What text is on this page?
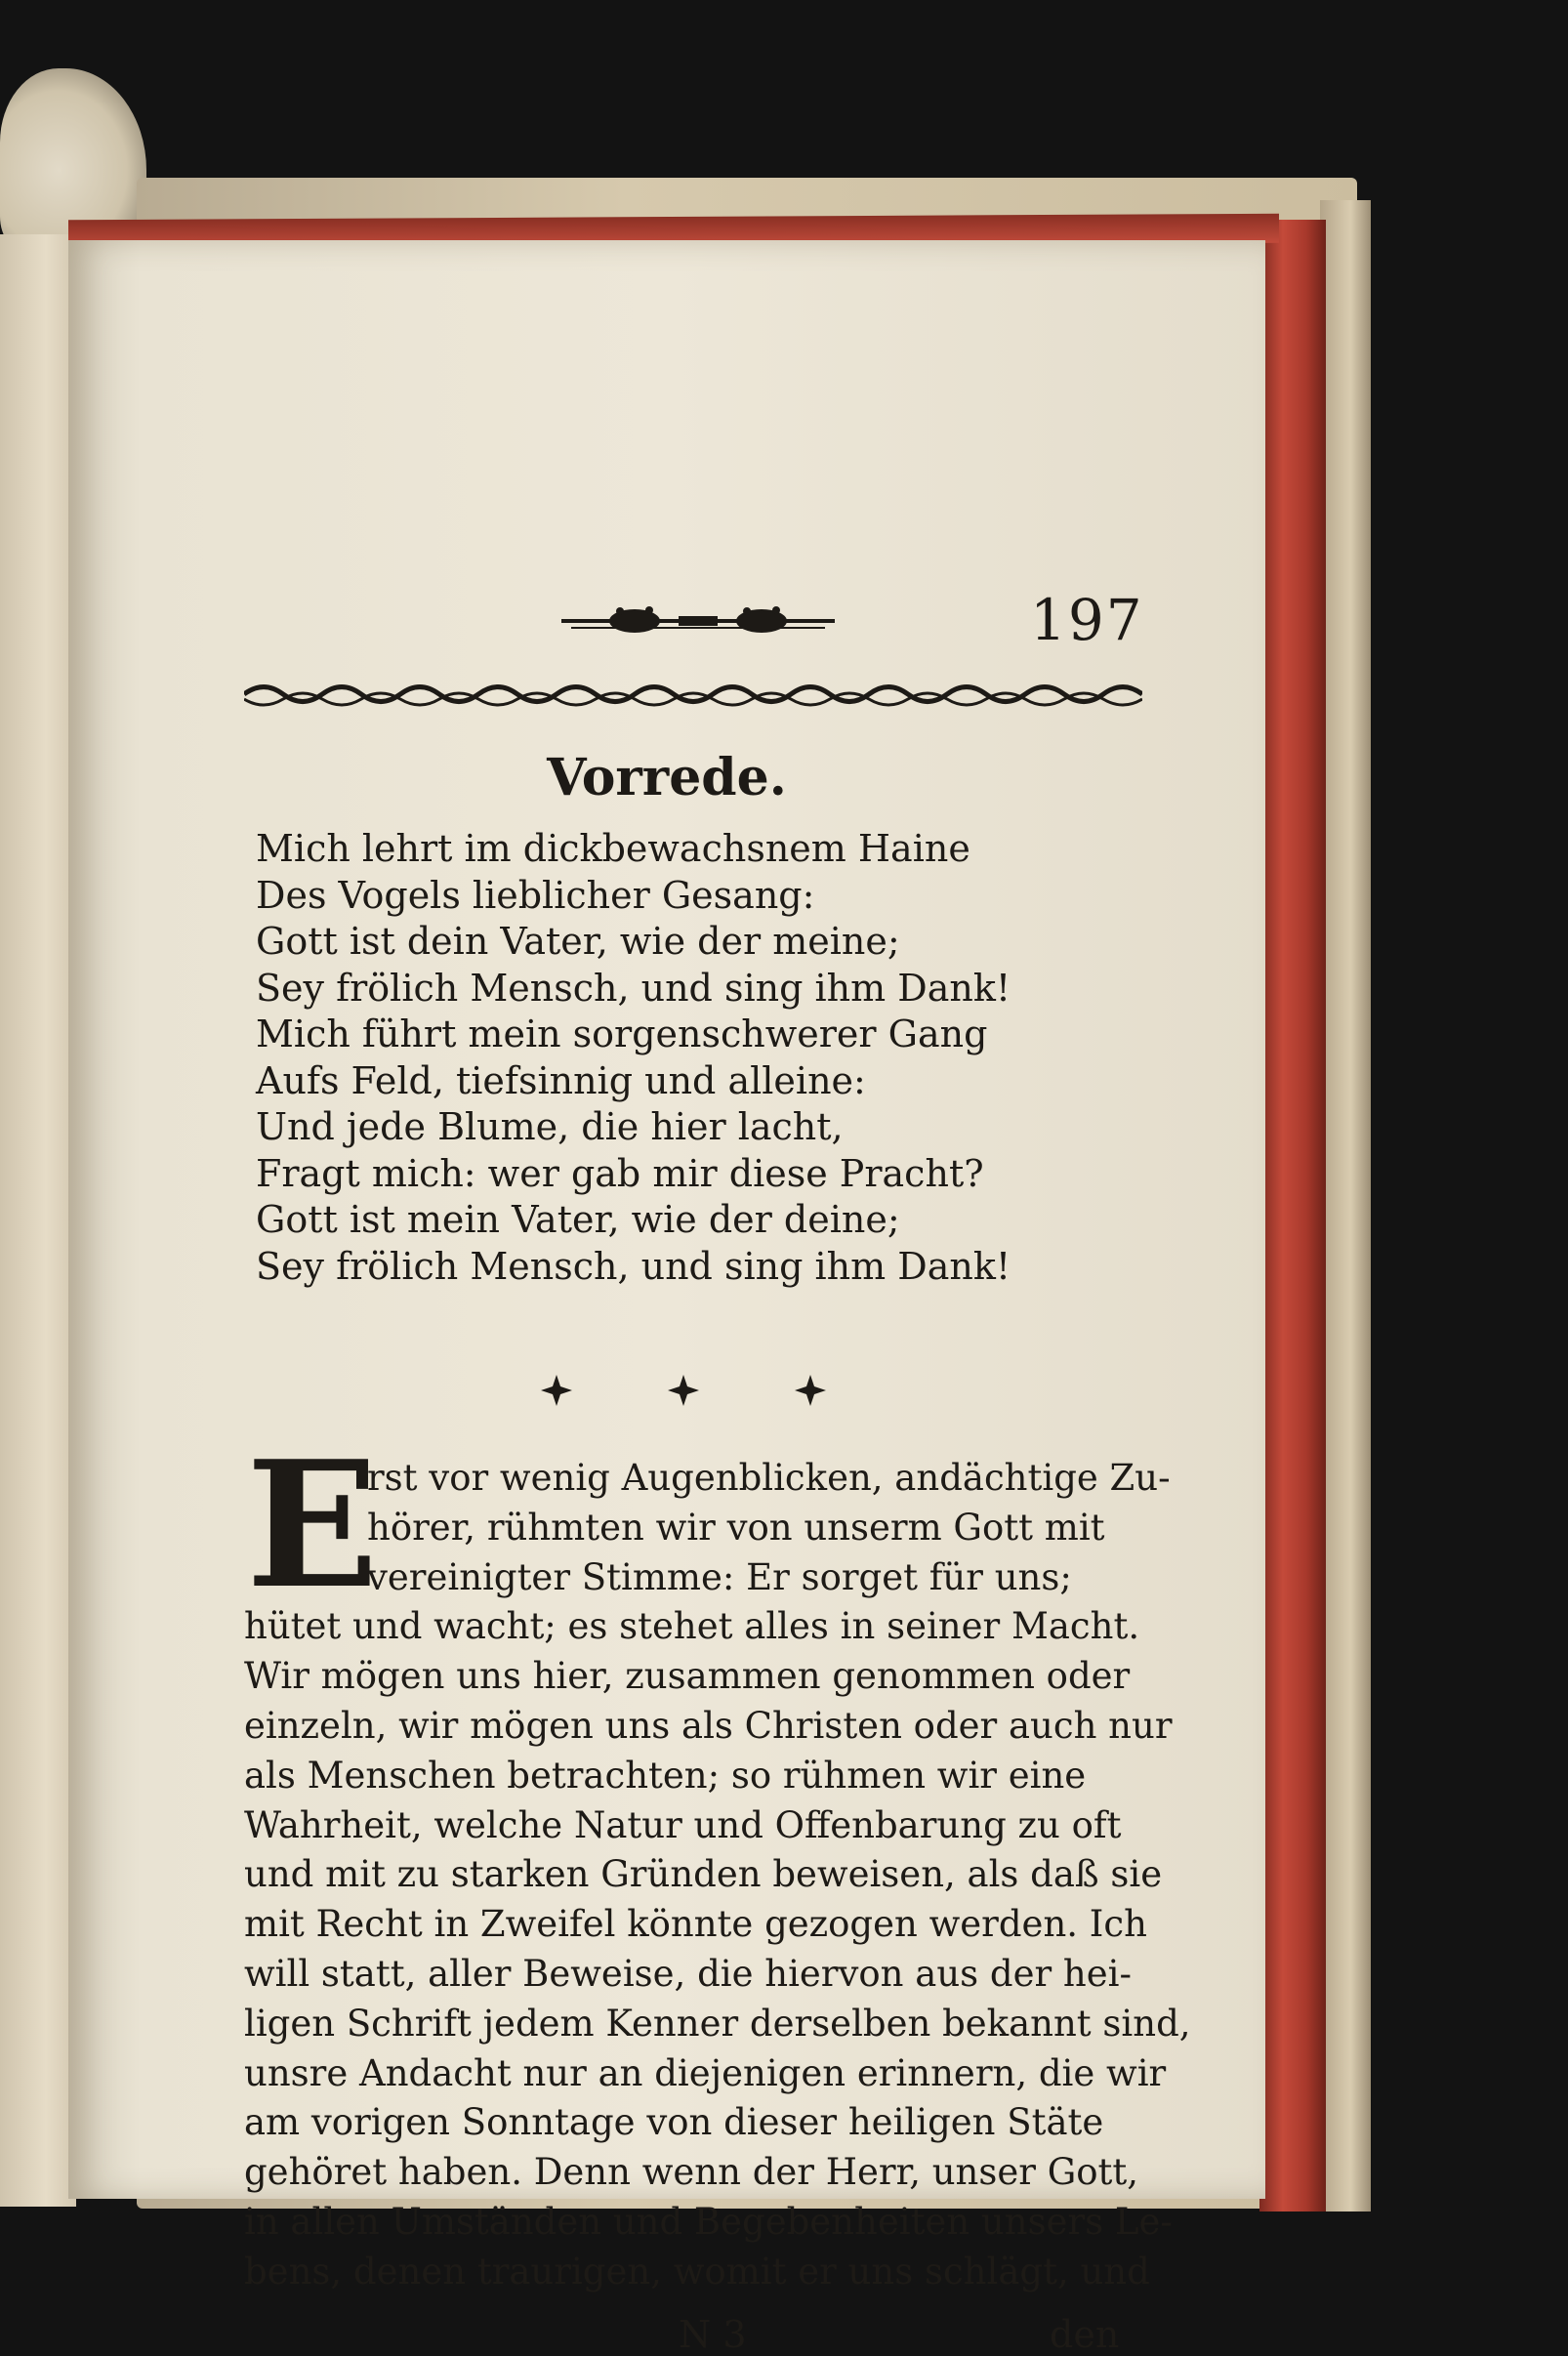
197
Vorrede.
Mich lehrt im dickbewachsnem Haine
Des Vogels lieblicher Gesang:
Gott ist dein Vater, wie der meine;
Sey frölich Mensch, und sing ihm Dank!
Mich führt mein sorgenschwerer Gang
Aufs Feld, tiefsinnig und alleine:
Und jede Blume, die hier lacht,
Fragt mich: wer gab mir diese Pracht?
Gott ist mein Vater, wie der deine;
Sey frölich Mensch, und sing ihm Dank!
E
rst vor wenig Augenblicken, andächtige Zu-
hörer, rühmten wir von unserm Gott mit
vereinigter Stimme: Er sorget für uns;
hütet und wacht; es stehet alles in seiner Macht.
Wir mögen uns hier, zusammen genommen oder
einzeln, wir mögen uns als Christen oder auch nur
als Menschen betrachten; so rühmen wir eine
Wahrheit, welche Natur und Offenbarung zu oft
und mit zu starken Gründen beweisen, als daß sie
mit Recht in Zweifel könnte gezogen werden. Ich
will statt, aller Beweise, die hiervon aus der hei-
ligen Schrift jedem Kenner derselben bekannt sind,
unsre Andacht nur an diejenigen erinnern, die wir
am vorigen Sonntage von dieser heiligen Stäte
gehöret haben. Denn wenn der Herr, unser Gott,
in allen Umständen und Begebenheiten unsers Le-
bens, denen traurigen, womit er uns schlägt, und
N 3	den
